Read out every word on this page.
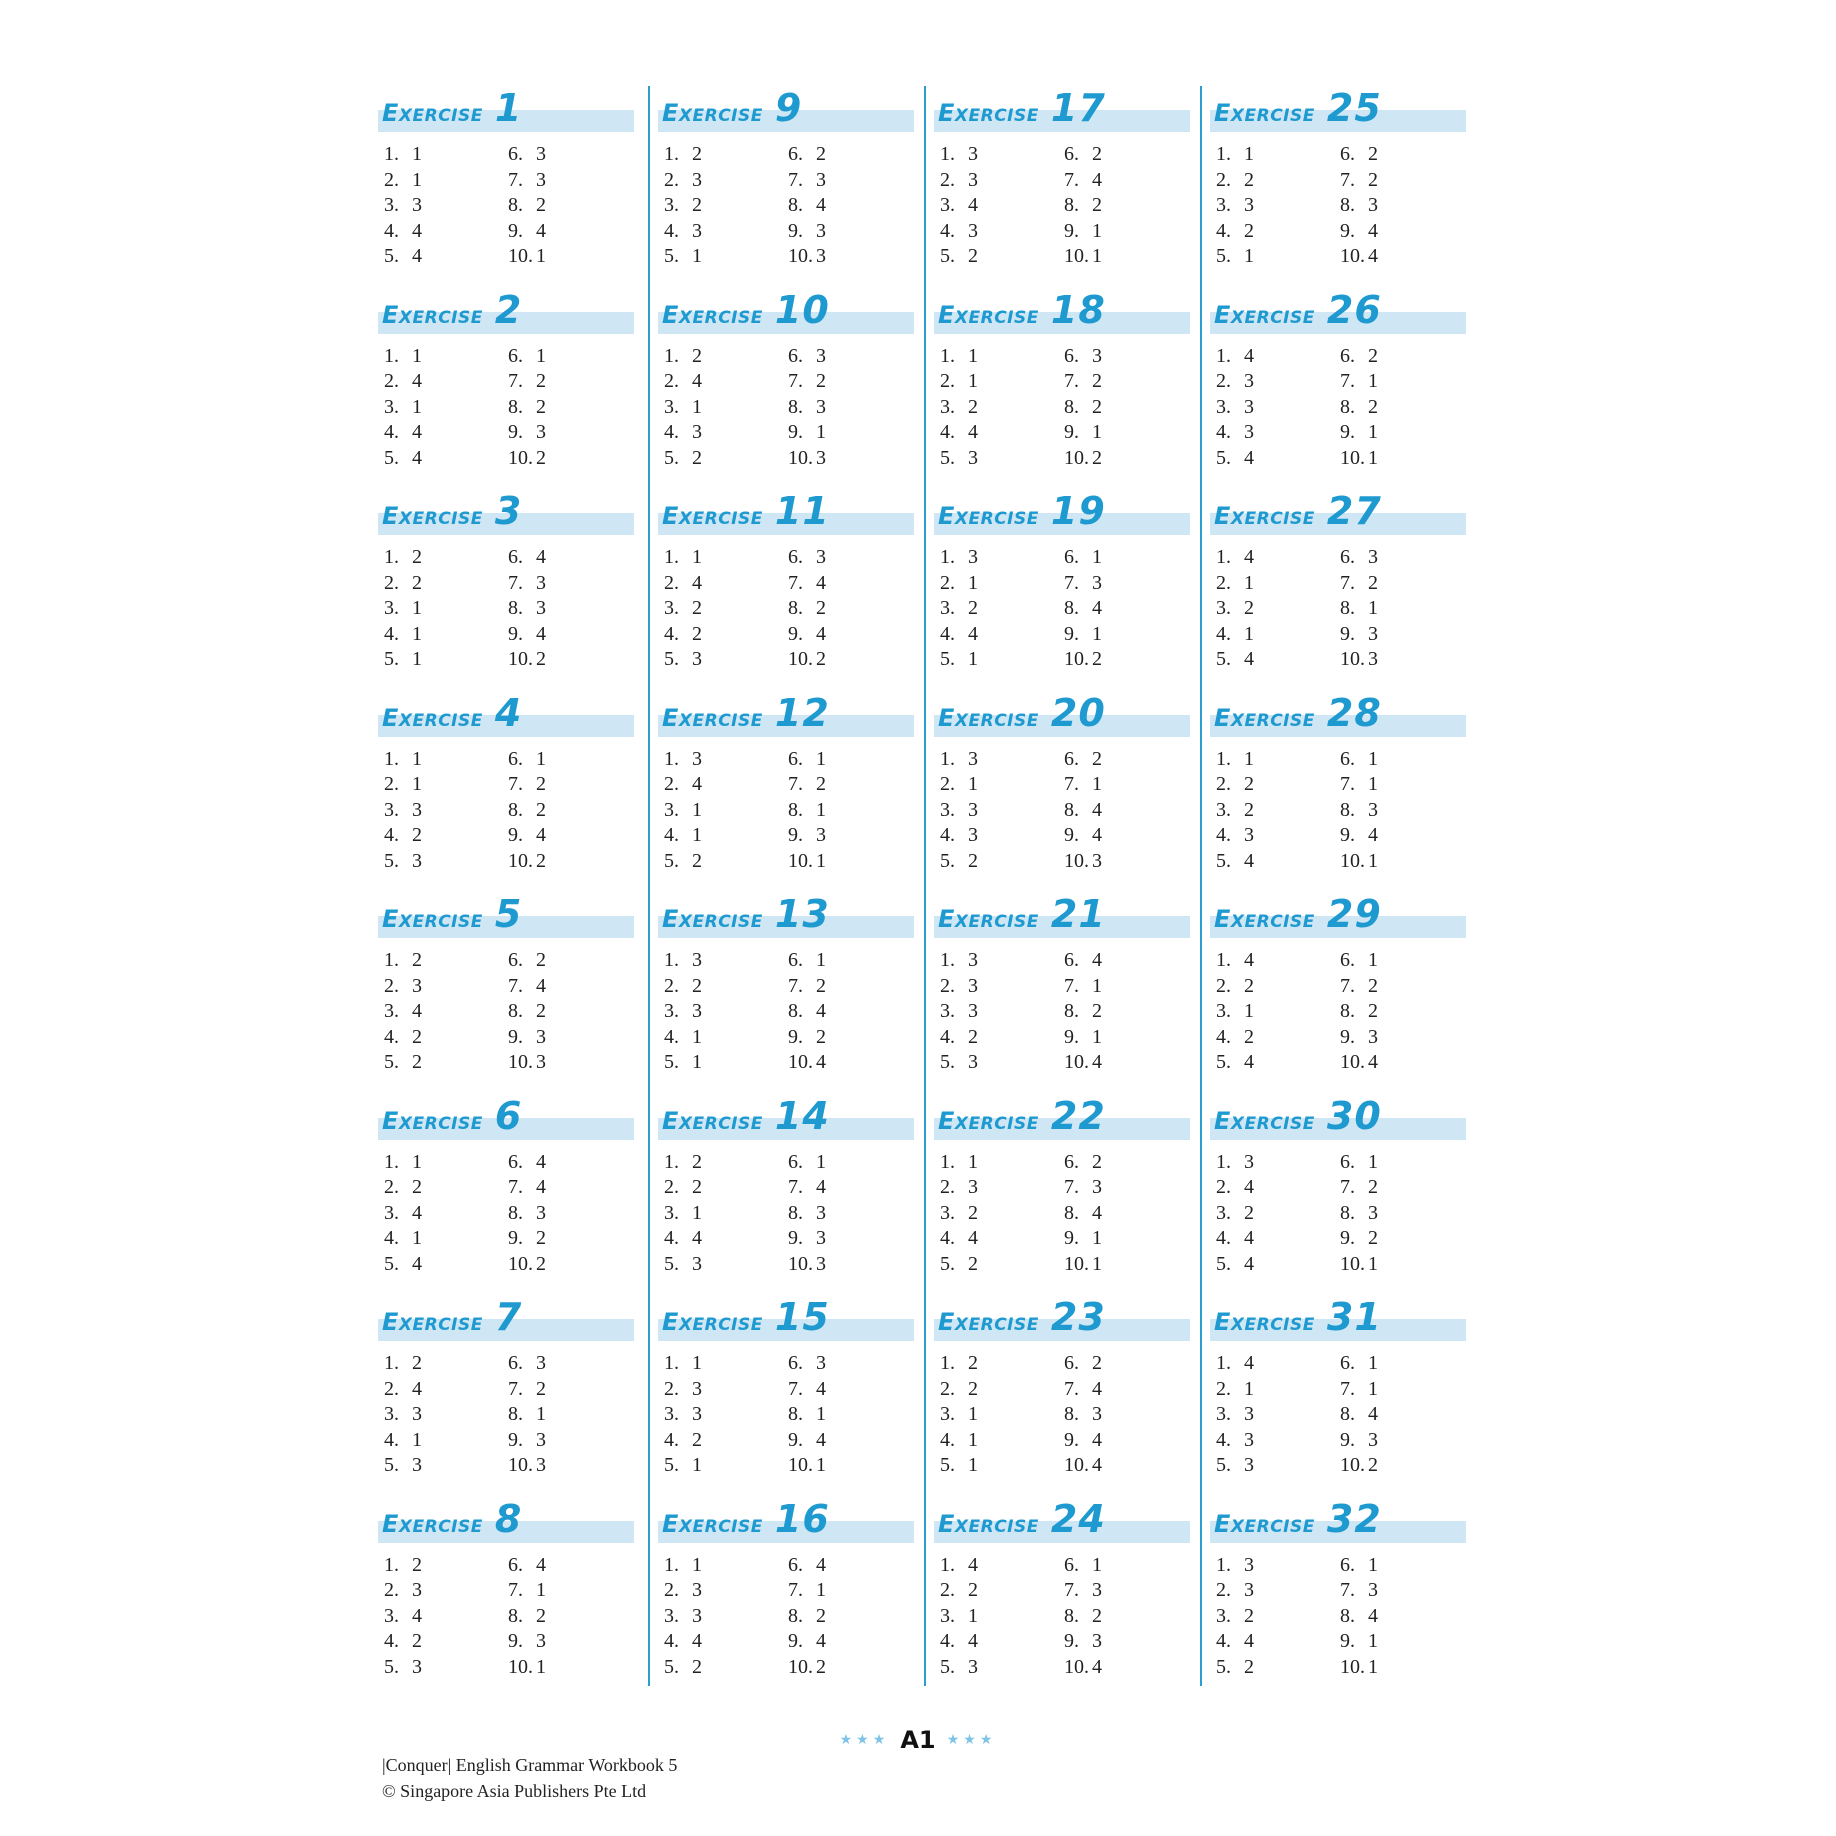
Exercise 1
1. 1
2. 1
3. 3
4. 4
5. 4
6. 3
7. 3
8. 2
9. 4
10. 1
Exercise 2
1. 1
2. 4
3. 1
4. 4
5. 4
6. 1
7. 2
8. 2
9. 3
10. 2
Exercise 3
1. 2
2. 2
3. 1
4. 1
5. 1
6. 4
7. 3
8. 3
9. 4
10. 2
Exercise 4
1. 1
2. 1
3. 3
4. 2
5. 3
6. 1
7. 2
8. 2
9. 4
10. 2
Exercise 5
1. 2
2. 3
3. 4
4. 2
5. 2
6. 2
7. 4
8. 2
9. 3
10. 3
Exercise 6
1. 1
2. 2
3. 4
4. 1
5. 4
6. 4
7. 4
8. 3
9. 2
10. 2
Exercise 7
1. 2
2. 4
3. 3
4. 1
5. 3
6. 3
7. 2
8. 1
9. 3
10. 3
Exercise 8
1. 2
2. 3
3. 4
4. 2
5. 3
6. 4
7. 1
8. 2
9. 3
10. 1
Exercise 9
1. 2
2. 3
3. 2
4. 3
5. 1
6. 2
7. 3
8. 4
9. 3
10. 3
Exercise 10
1. 2
2. 4
3. 1
4. 3
5. 2
6. 3
7. 2
8. 3
9. 1
10. 3
Exercise 11
1. 1
2. 4
3. 2
4. 2
5. 3
6. 3
7. 4
8. 2
9. 4
10. 2
Exercise 12
1. 3
2. 4
3. 1
4. 1
5. 2
6. 1
7. 2
8. 1
9. 3
10. 1
Exercise 13
1. 3
2. 2
3. 3
4. 1
5. 1
6. 1
7. 2
8. 4
9. 2
10. 4
Exercise 14
1. 2
2. 2
3. 1
4. 4
5. 3
6. 1
7. 4
8. 3
9. 3
10. 3
Exercise 15
1. 1
2. 3
3. 3
4. 2
5. 1
6. 3
7. 4
8. 1
9. 4
10. 1
Exercise 16
1. 1
2. 3
3. 3
4. 4
5. 2
6. 4
7. 1
8. 2
9. 4
10. 2
Exercise 17
1. 3
2. 3
3. 4
4. 3
5. 2
6. 2
7. 4
8. 2
9. 1
10. 1
Exercise 18
1. 1
2. 1
3. 2
4. 4
5. 3
6. 3
7. 2
8. 2
9. 1
10. 2
Exercise 19
1. 3
2. 1
3. 2
4. 4
5. 1
6. 1
7. 3
8. 4
9. 1
10. 2
Exercise 20
1. 3
2. 1
3. 3
4. 3
5. 2
6. 2
7. 1
8. 4
9. 4
10. 3
Exercise 21
1. 3
2. 3
3. 3
4. 2
5. 3
6. 4
7. 1
8. 2
9. 1
10. 4
Exercise 22
1. 1
2. 3
3. 2
4. 4
5. 2
6. 2
7. 3
8. 4
9. 1
10. 1
Exercise 23
1. 2
2. 2
3. 1
4. 1
5. 1
6. 2
7. 4
8. 3
9. 4
10. 4
Exercise 24
1. 4
2. 2
3. 1
4. 4
5. 3
6. 1
7. 3
8. 2
9. 3
10. 4
Exercise 25
1. 1
2. 2
3. 3
4. 2
5. 1
6. 2
7. 2
8. 3
9. 4
10. 4
Exercise 26
1. 4
2. 3
3. 3
4. 3
5. 4
6. 2
7. 1
8. 2
9. 1
10. 1
Exercise 27
1. 4
2. 1
3. 2
4. 1
5. 4
6. 3
7. 2
8. 1
9. 3
10. 3
Exercise 28
1. 1
2. 2
3. 2
4. 3
5. 4
6. 1
7. 1
8. 3
9. 4
10. 1
Exercise 29
1. 4
2. 2
3. 1
4. 2
5. 4
6. 1
7. 2
8. 2
9. 3
10. 4
Exercise 30
1. 3
2. 4
3. 2
4. 4
5. 4
6. 1
7. 2
8. 3
9. 2
10. 1
Exercise 31
1. 4
2. 1
3. 3
4. 3
5. 3
6. 1
7. 1
8. 4
9. 3
10. 2
Exercise 32
1. 3
2. 3
3. 2
4. 4
5. 2
6. 1
7. 3
8. 4
9. 1
10. 1
★★★ A1 ★★★
|Conquer| English Grammar Workbook 5
© Singapore Asia Publishers Pte Ltd
